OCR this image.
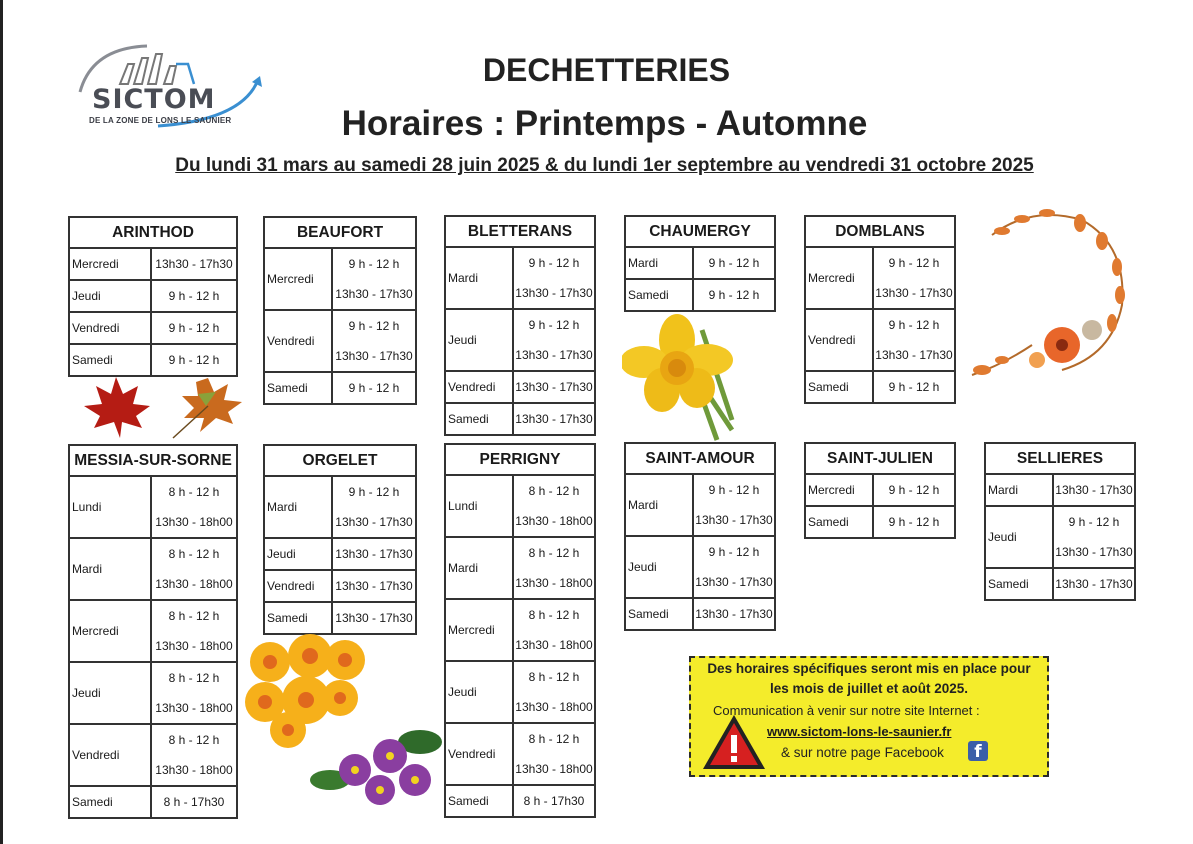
SICTOM
DE LA ZONE DE LONS LE SAUNIER
DECHETTERIES
Horaires : Printemps - Automne
Du lundi 31 mars au samedi 28 juin 2025 & du lundi 1er septembre au vendredi 31 octobre 2025
ARINTHOD	
Mercredi	13h30 - 17h30

Jeudi	9 h - 12 h

Vendredi	9 h - 12 h

Samedi	9 h - 12 h
BEAUFORT	
Mercredi	9 h - 12 h
13h30 - 17h30

Vendredi	9 h - 12 h
13h30 - 17h30

Samedi	9 h - 12 h
BLETTERANS	
Mardi	9 h - 12 h
13h30 - 17h30

Jeudi	9 h - 12 h
13h30 - 17h30

Vendredi	13h30 - 17h30

Samedi	13h30 - 17h30
CHAUMERGY	
Mardi	9 h - 12 h

Samedi	9 h - 12 h
DOMBLANS	
Mercredi	9 h - 12 h
13h30 - 17h30

Vendredi	9 h - 12 h
13h30 - 17h30

Samedi	9 h - 12 h
MESSIA-SUR-SORNE	
Lundi	8 h - 12 h
13h30 - 18h00

Mardi	8 h - 12 h
13h30 - 18h00

Mercredi	8 h - 12 h
13h30 - 18h00

Jeudi	8 h - 12 h
13h30 - 18h00

Vendredi	8 h - 12 h
13h30 - 18h00

Samedi	8 h - 17h30
ORGELET	
Mardi	9 h - 12 h
13h30 - 17h30

Jeudi	13h30 - 17h30

Vendredi	13h30 - 17h30

Samedi	13h30 - 17h30
PERRIGNY	
Lundi	8 h - 12 h
13h30 - 18h00

Mardi	8 h - 12 h
13h30 - 18h00

Mercredi	8 h - 12 h
13h30 - 18h00

Jeudi	8 h - 12 h
13h30 - 18h00

Vendredi	8 h - 12 h
13h30 - 18h00

Samedi	8 h - 17h30
SAINT-AMOUR	
Mardi	9 h - 12 h
13h30 - 17h30

Jeudi	9 h - 12 h
13h30 - 17h30

Samedi	13h30 - 17h30
SAINT-JULIEN	
Mercredi	9 h - 12 h

Samedi	9 h - 12 h
SELLIERES	
Mardi	13h30 - 17h30

Jeudi	9 h - 12 h
13h30 - 17h30

Samedi	13h30 - 17h30
Des horaires spécifiques seront mis en place pour
les mois de juillet et août 2025.
Communication à venir sur notre site Internet :
www.sictom-lons-le-saunier.fr
& sur notre page Facebook	f
